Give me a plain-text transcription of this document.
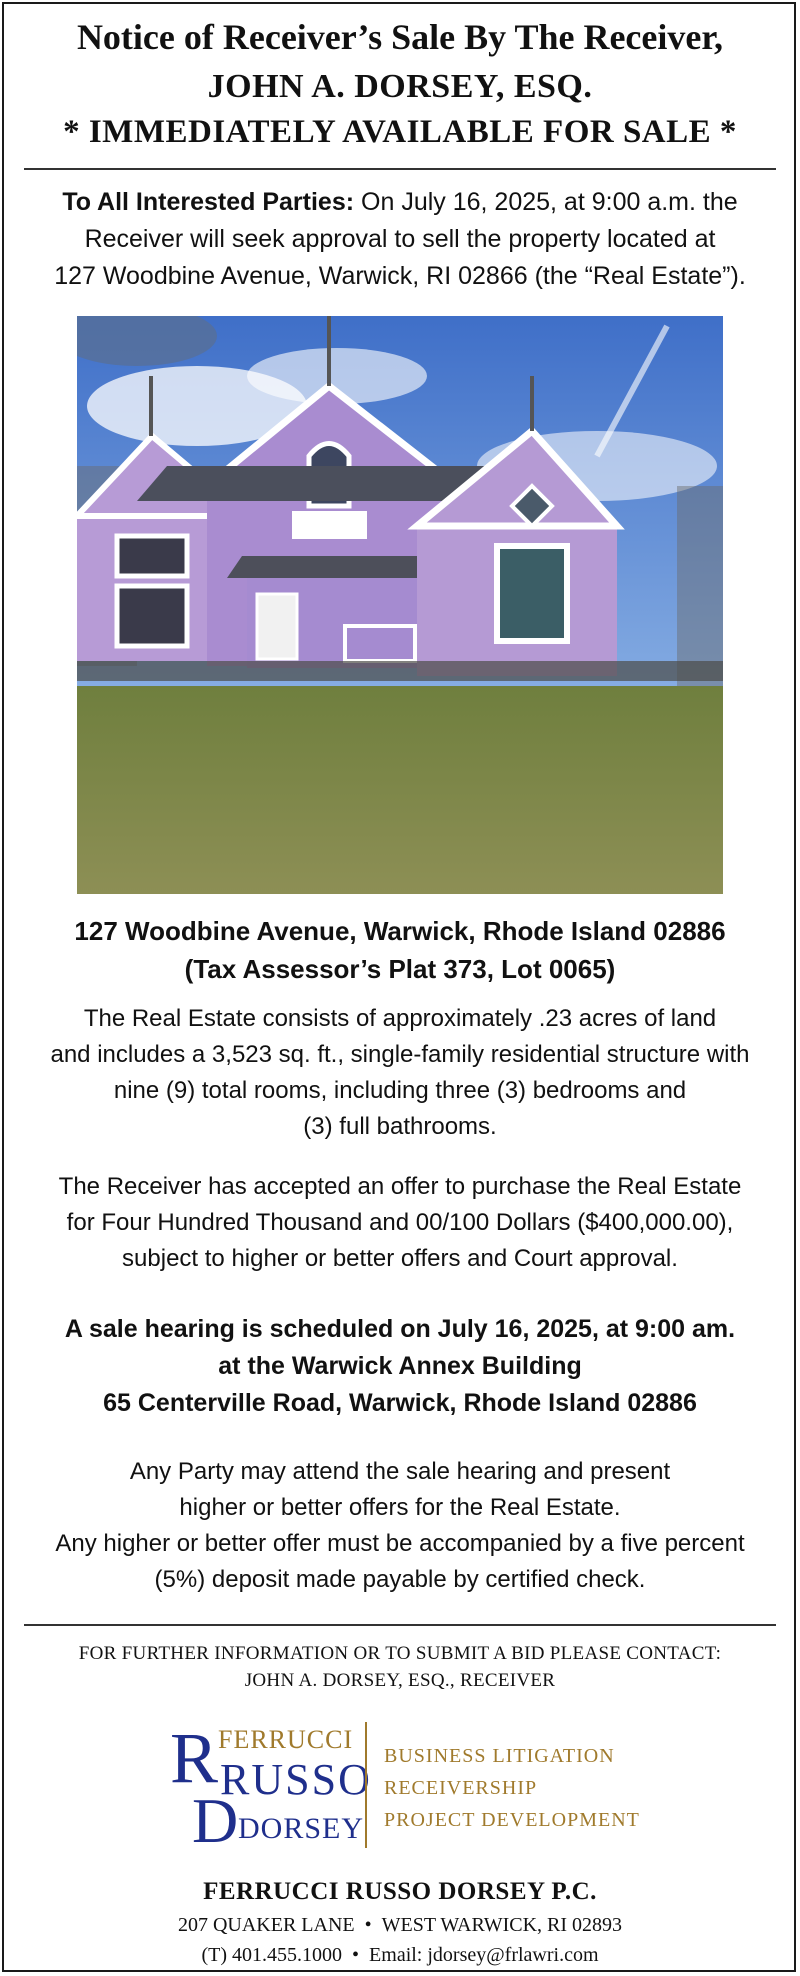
Notice of Receiver’s Sale By The Receiver,
JOHN A. DORSEY, ESQ.
* IMMEDIATELY AVAILABLE FOR SALE *
To All Interested Parties: On July 16, 2025, at 9:00 a.m. the
Receiver will seek approval to sell the property located at
127 Woodbine Avenue, Warwick, RI 02866 (the “Real Estate”).
127 Woodbine Avenue, Warwick, Rhode Island 02886
(Tax Assessor’s Plat 373, Lot 0065)
The Real Estate consists of approximately .23 acres of land
and includes a 3,523 sq. ft., single-family residential structure with
nine (9) total rooms, including three (3) bedrooms and
(3) full bathrooms.
The Receiver has accepted an offer to purchase the Real Estate
for Four Hundred Thousand and 00/100 Dollars ($400,000.00),
subject to higher or better offers and Court approval.
A sale hearing is scheduled on July 16, 2025, at 9:00 am.
at the Warwick Annex Building
65 Centerville Road, Warwick, Rhode Island 02886
Any Party may attend the sale hearing and present
higher or better offers for the Real Estate.
Any higher or better offer must be accompanied by a five percent
(5%) deposit made payable by certified check.
FOR FURTHER INFORMATION OR TO SUBMIT A BID PLEASE CONTACT:
JOHN A. DORSEY, ESQ., RECEIVER
R
D
FERRUCCI
RUSSO
DORSEY
BUSINESS LITIGATION
RECEIVERSHIP
PROJECT DEVELOPMENT
FERRUCCI RUSSO DORSEY P.C.
207 QUAKER LANE • WEST WARWICK, RI 02893
(T) 401.455.1000 • Email: jdorsey@frlawri.com
